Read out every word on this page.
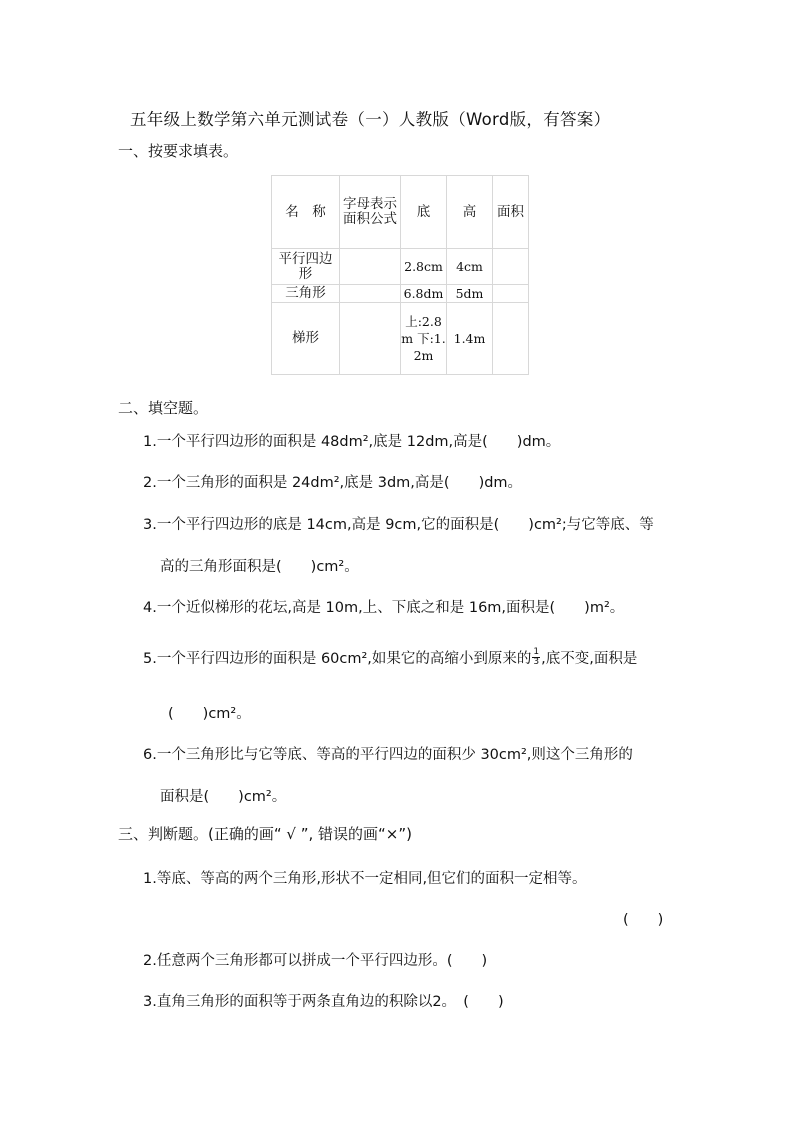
五年级上数学第六单元测试卷（一）人教版（Word版，有答案）
一、按要求填表。
名　称	字母表示面积公式	底	高	面积
平行四边形		2.8cm	4cm	
三角形		6.8dm	5dm	
梯形		上:2.8m 下:1.2m	1.4m	
二、填空题。
1.一个平行四边形的面积是 48dm²,底是 12dm,高是(　　)dm。
2.一个三角形的面积是 24dm²,底是 3dm,高是(　　)dm。
3.一个平行四边形的底是 14cm,高是 9cm,它的面积是(　　)cm²;与它等底、等
高的三角形面积是(　　)cm²。
4.一个近似梯形的花坛,高是 10m,上、下底之和是 16m,面积是(　　)m²。
5.一个平行四边形的面积是 60cm²,如果它的高缩小到原来的 $\frac{1}{3}$ ,底不变,面积是
(　　)cm²。
6.一个三角形比与它等底、等高的平行四边的面积少 30cm²,则这个三角形的
面积是(　　)cm²。
三、判断题。(正确的画“ √ ”, 错误的画“×”)
1.等底、等高的两个三角形,形状不一定相同,但它们的面积一定相等。
(　　)
2.任意两个三角形都可以拼成一个平行四边形。(　　)
3.直角三角形的面积等于两条直角边的积除以2。　(　　)
